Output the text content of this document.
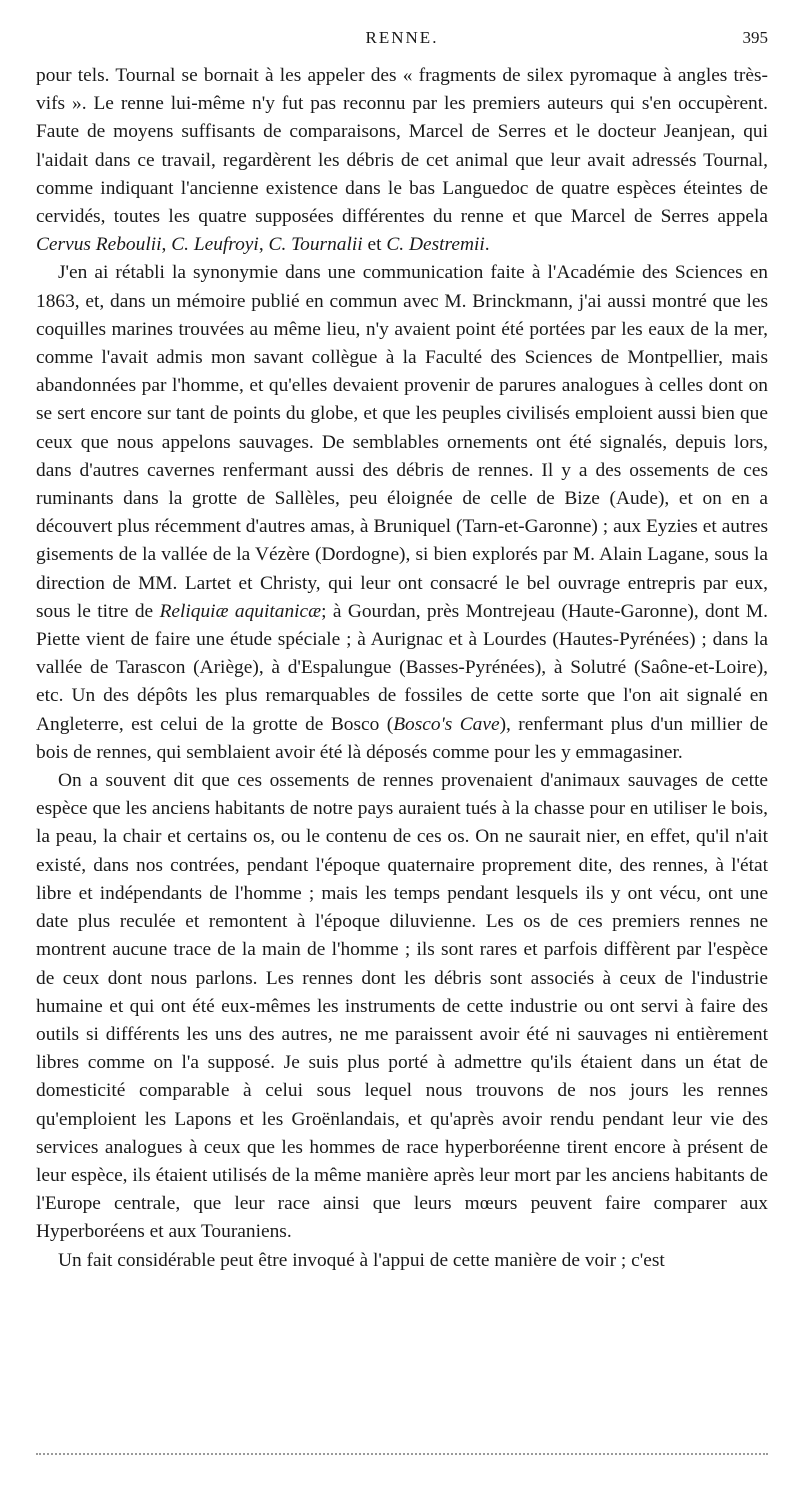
RENNE.	395

pour tels. Tournal se bornait à les appeler des « fragments de silex pyromaque à angles très-vifs ». Le renne lui-même n'y fut pas reconnu par les premiers auteurs qui s'en occupèrent. Faute de moyens suffisants de comparaisons, Marcel de Serres et le docteur Jeanjean, qui l'aidait dans ce travail, regardèrent les débris de cet animal que leur avait adressés Tournal, comme indiquant l'ancienne existence dans le bas Languedoc de quatre espèces éteintes de cervidés, toutes les quatre supposées différentes du renne et que Marcel de Serres appela Cervus Reboulii, C. Leufroyi, C. Tournalii et C. Destremii.

J'en ai rétabli la synonymie dans une communication faite à l'Académie des Sciences en 1863, et, dans un mémoire publié en commun avec M. Brinckmann, j'ai aussi montré que les coquilles marines trouvées au même lieu, n'y avaient point été portées par les eaux de la mer, comme l'avait admis mon savant collègue à la Faculté des Sciences de Montpellier, mais abandonnées par l'homme, et qu'elles devaient provenir de parures analogues à celles dont on se sert encore sur tant de points du globe, et que les peuples civilisés emploient aussi bien que ceux que nous appelons sauvages. De semblables ornements ont été signalés, depuis lors, dans d'autres cavernes renfermant aussi des débris de rennes. Il y a des ossements de ces ruminants dans la grotte de Sallèles, peu éloignée de celle de Bize (Aude), et on en a découvert plus récemment d'autres amas, à Bruniquel (Tarn-et-Garonne) ; aux Eyzies et autres gisements de la vallée de la Vézère (Dordogne), si bien explorés par M. Alain Lagane, sous la direction de MM. Lartet et Christy, qui leur ont consacré le bel ouvrage entrepris par eux, sous le titre de Reliquiæ aquitanicæ; à Gourdan, près Montrejeau (Haute-Garonne), dont M. Piette vient de faire une étude spéciale ; à Aurignac et à Lourdes (Hautes-Pyrénées) ; dans la vallée de Tarascon (Ariège), à d'Espalungue (Basses-Pyrénées), à Solutré (Saône-et-Loire), etc. Un des dépôts les plus remarquables de fossiles de cette sorte que l'on ait signalé en Angleterre, est celui de la grotte de Bosco (Bosco's Cave), renfermant plus d'un millier de bois de rennes, qui semblaient avoir été là déposés comme pour les y emmagasiner.

On a souvent dit que ces ossements de rennes provenaient d'animaux sauvages de cette espèce que les anciens habitants de notre pays auraient tués à la chasse pour en utiliser le bois, la peau, la chair et certains os, ou le contenu de ces os. On ne saurait nier, en effet, qu'il n'ait existé, dans nos contrées, pendant l'époque quaternaire proprement dite, des rennes, à l'état libre et indépendants de l'homme ; mais les temps pendant lesquels ils y ont vécu, ont une date plus reculée et remontent à l'époque diluvienne. Les os de ces premiers rennes ne montrent aucune trace de la main de l'homme ; ils sont rares et parfois diffèrent par l'espèce de ceux dont nous parlons. Les rennes dont les débris sont associés à ceux de l'industrie humaine et qui ont été eux-mêmes les instruments de cette industrie ou ont servi à faire des outils si différents les uns des autres, ne me paraissent avoir été ni sauvages ni entièrement libres comme on l'a supposé. Je suis plus porté à admettre qu'ils étaient dans un état de domesticité comparable à celui sous lequel nous trouvons de nos jours les rennes qu'emploient les Lapons et les Groënlandais, et qu'après avoir rendu pendant leur vie des services analogues à ceux que les hommes de race hyperboréenne tirent encore à présent de leur espèce, ils étaient utilisés de la même manière après leur mort par les anciens habitants de l'Europe centrale, que leur race ainsi que leurs mœurs peuvent faire comparer aux Hyperboréens et aux Touraniens.

Un fait considérable peut être invoqué à l'appui de cette manière de voir ; c'est
